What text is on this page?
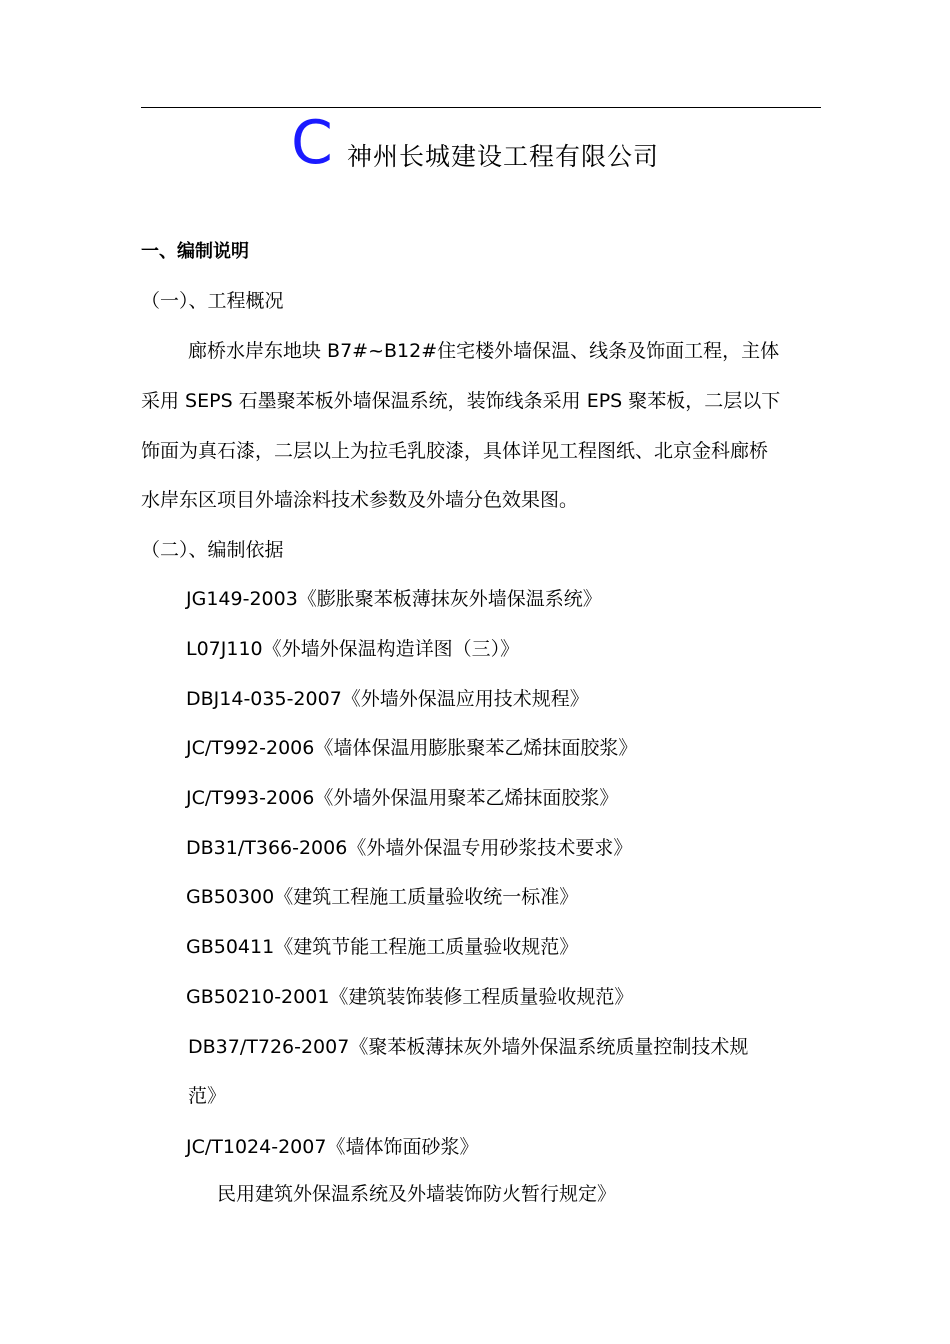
C 神州长城建设工程有限公司
一、编制说明
（一）、工程概况
廊桥水岸东地块 B7#~B12#住宅楼外墙保温、线条及饰面工程，主体
采用 SEPS 石墨聚苯板外墙保温系统，装饰线条采用 EPS 聚苯板，二层以下
饰面为真石漆，二层以上为拉毛乳胶漆，具体详见工程图纸、北京金科廊桥
水岸东区项目外墙涂料技术参数及外墙分色效果图。
（二）、编制依据
JG149-2003《膨胀聚苯板薄抹灰外墙保温系统》
L07J110《外墙外保温构造详图（三）》
DBJ14-035-2007《外墙外保温应用技术规程》
JC/T992-2006《墙体保温用膨胀聚苯乙烯抹面胶浆》
JC/T993-2006《外墙外保温用聚苯乙烯抹面胶浆》
DB31/T366-2006《外墙外保温专用砂浆技术要求》
GB50300《建筑工程施工质量验收统一标准》
GB50411《建筑节能工程施工质量验收规范》
GB50210-2001《建筑装饰装修工程质量验收规范》
DB37/T726-2007《聚苯板薄抹灰外墙外保温系统质量控制技术规
范》
JC/T1024-2007《墙体饰面砂浆》
民用建筑外保温系统及外墙装饰防火暂行规定》
